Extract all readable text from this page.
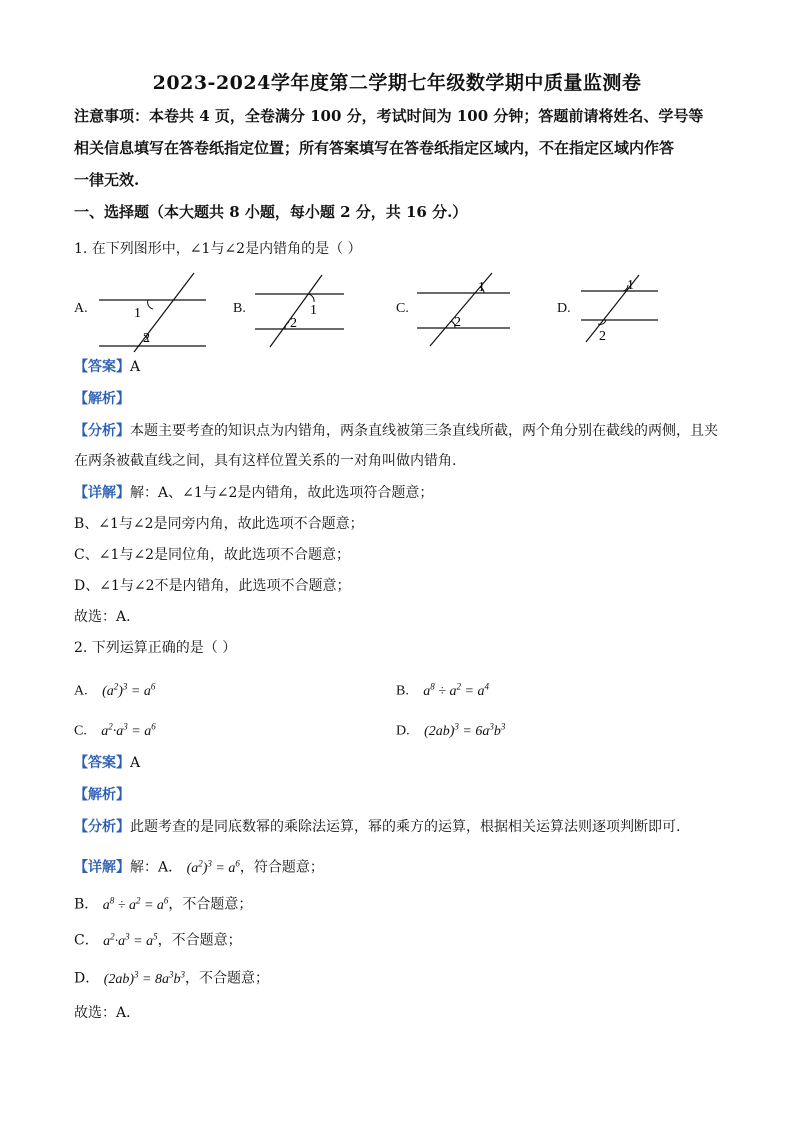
2023-2024学年度第二学期七年级数学期中质量监测卷
注意事项：本卷共 4 页，全卷满分 100 分，考试时间为 100 分钟；答题前请将姓名、学号等
相关信息填写在答卷纸指定位置；所有答案填写在答卷纸指定区域内，不在指定区域内作答
一律无效.
一、选择题（本大题共 8 小题，每小题 2 分，共 16 分.）
1. 在下列图形中，∠1与∠2是内错角的是（ ）
A.	1
2
B.	1
2
C.
1
2
D.
1
2
【答案】A
【解析】
【分析】本题主要考查的知识点为内错角，两条直线被第三条直线所截，两个角分别在截线的两侧，且夹
在两条被截直线之间，具有这样位置关系的一对角叫做内错角.
【详解】解：A、∠1与∠2是内错角，故此选项符合题意；
B、∠1与∠2是同旁内角，故此选项不合题意；
C、∠1与∠2是同位角，故此选项不合题意；
D、∠1与∠2不是内错角，此选项不合题意；
故选：A.
2. 下列运算正确的是（ ）
A. $(a^2)^3 = a^6$	B. $a^8 \div a^2 = a^4$
C. $a^2\cdot a^3 = a^6$	D. $(2ab)^3 = 6a^3b^3$
【答案】A
【解析】
【分析】此题考查的是同底数幂的乘除法运算，幂的乘方的运算，根据相关运算法则逐项判断即可.
【详解】解：A． $(a^2)^3 = a^6$，符合题意；
B． $a^8 \div a^2 = a^6$，不合题意；
C． $a^2\cdot a^3 = a^5$，不合题意；
D． $(2ab)^3 = 8a^3b^3$，不合题意；
故选：A．
